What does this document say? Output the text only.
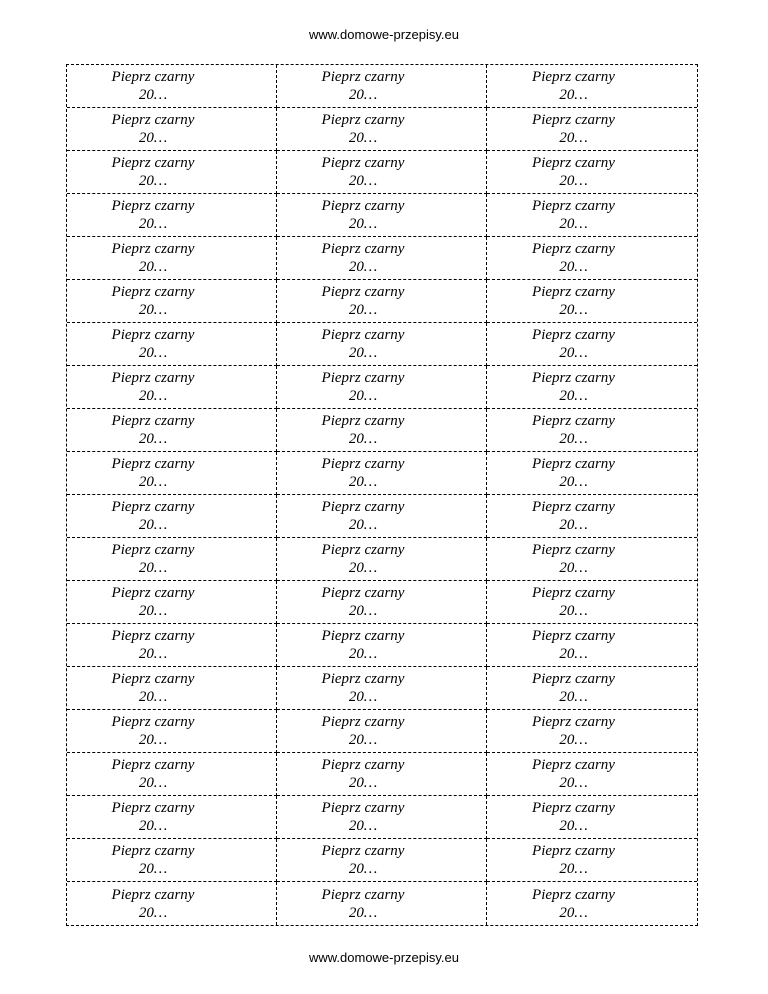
www.domowe-przepisy.eu
Pieprz czarny
20…
Pieprz czarny
20…
Pieprz czarny
20…
Pieprz czarny
20…
Pieprz czarny
20…
Pieprz czarny
20…
Pieprz czarny
20…
Pieprz czarny
20…
Pieprz czarny
20…
Pieprz czarny
20…
Pieprz czarny
20…
Pieprz czarny
20…
Pieprz czarny
20…
Pieprz czarny
20…
Pieprz czarny
20…
Pieprz czarny
20…
Pieprz czarny
20…
Pieprz czarny
20…
Pieprz czarny
20…
Pieprz czarny
20…
Pieprz czarny
20…
Pieprz czarny
20…
Pieprz czarny
20…
Pieprz czarny
20…
Pieprz czarny
20…
Pieprz czarny
20…
Pieprz czarny
20…
Pieprz czarny
20…
Pieprz czarny
20…
Pieprz czarny
20…
Pieprz czarny
20…
Pieprz czarny
20…
Pieprz czarny
20…
Pieprz czarny
20…
Pieprz czarny
20…
Pieprz czarny
20…
Pieprz czarny
20…
Pieprz czarny
20…
Pieprz czarny
20…
Pieprz czarny
20…
Pieprz czarny
20…
Pieprz czarny
20…
Pieprz czarny
20…
Pieprz czarny
20…
Pieprz czarny
20…
Pieprz czarny
20…
Pieprz czarny
20…
Pieprz czarny
20…
Pieprz czarny
20…
Pieprz czarny
20…
Pieprz czarny
20…
Pieprz czarny
20…
Pieprz czarny
20…
Pieprz czarny
20…
Pieprz czarny
20…
Pieprz czarny
20…
Pieprz czarny
20…
Pieprz czarny
20…
Pieprz czarny
20…
Pieprz czarny
20…
www.domowe-przepisy.eu
